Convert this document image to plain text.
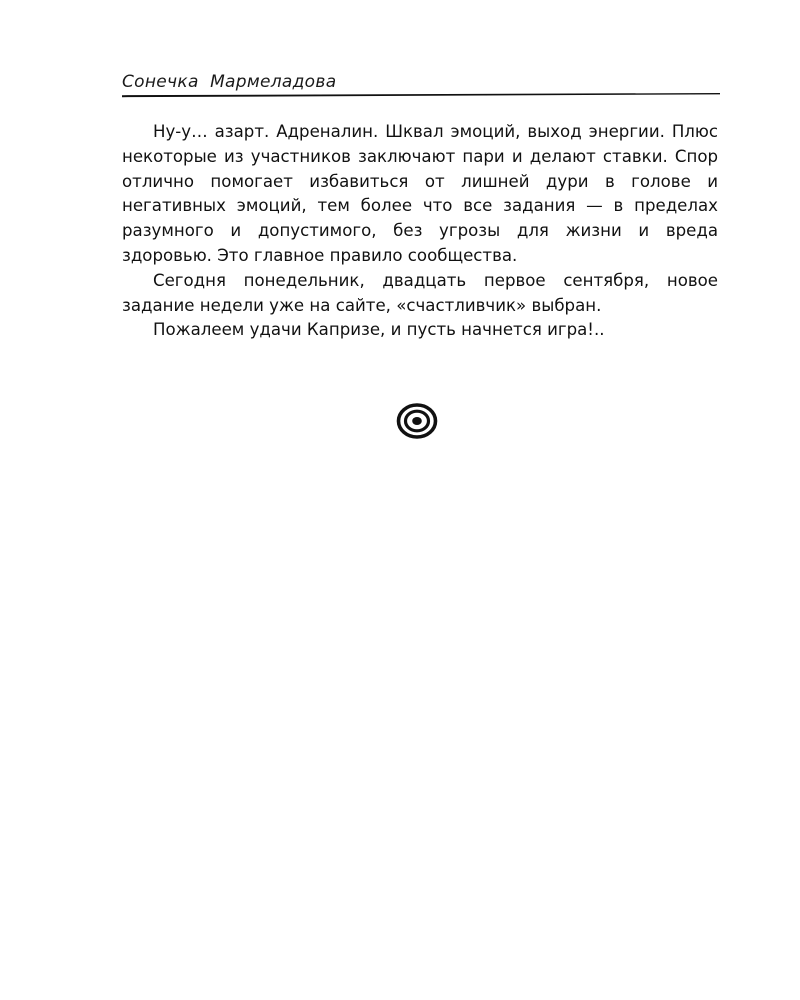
Сонечка  Мармеладова

Ну-у… азарт. Адреналин. Шквал эмоций, выход энергии. Плюс некоторые из участников заключают пари и делают ставки. Спор отлично помогает избавиться от лишней дури в голове и негативных эмоций, тем более что все задания — в пределах разумного и допустимого, без угрозы для жизни и вреда здоровью. Это главное правило сообщества.

Сегодня понедельник, двадцать первое сентября, новое задание недели уже на сайте, «счастливчик» выбран.

Пожалеем удачи Капризе, и пусть начнется игра!..
